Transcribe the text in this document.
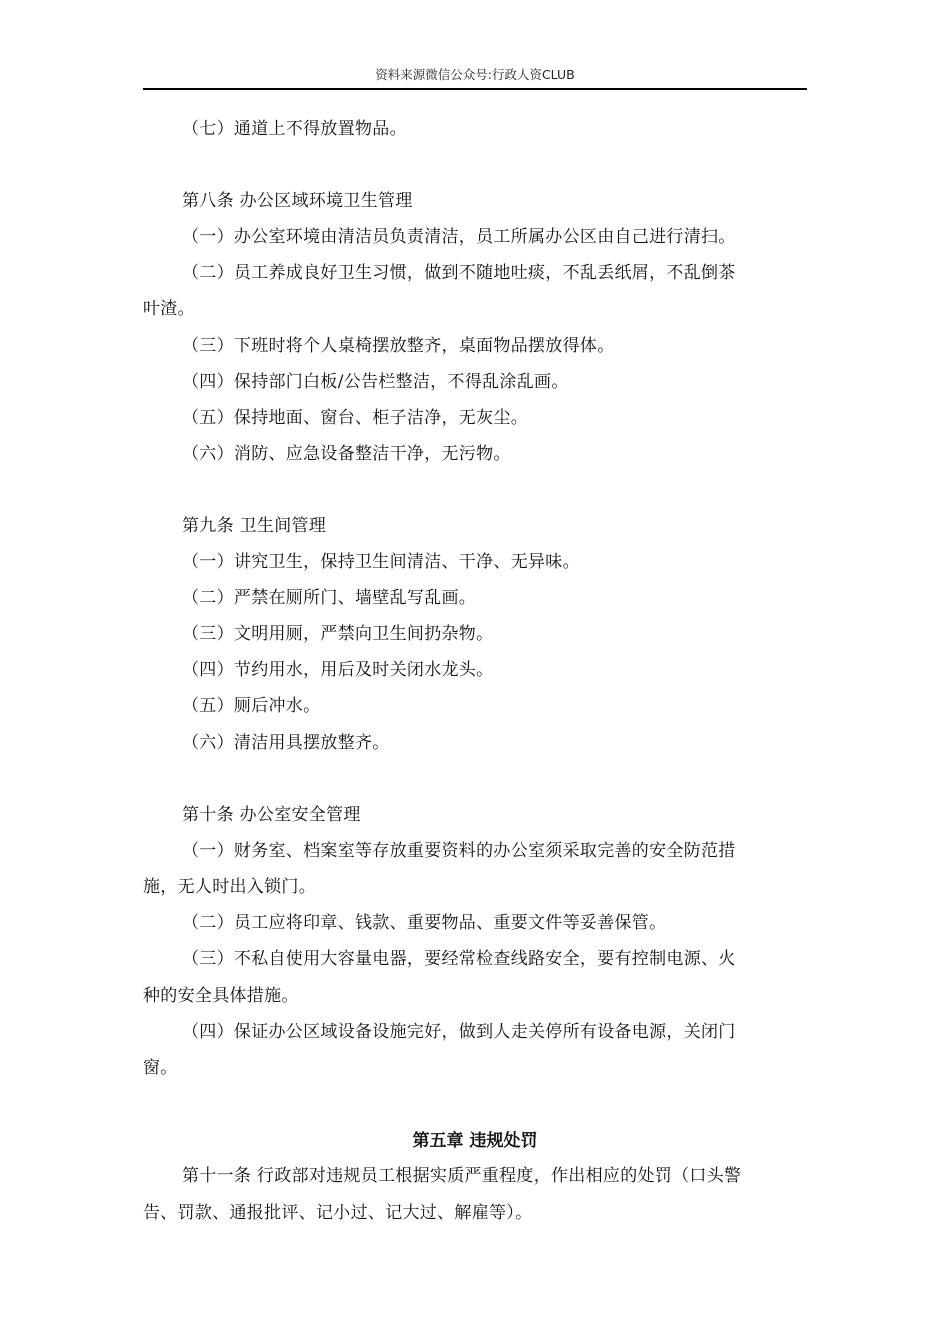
资料来源微信公众号:行政人资CLUB
（七）通道上不得放置物品。
第八条 办公区域环境卫生管理
（一）办公室环境由清洁员负责清洁，员工所属办公区由自己进行清扫。
（二）员工养成良好卫生习惯，做到不随地吐痰，不乱丢纸屑，不乱倒茶
叶渣。
（三）下班时将个人桌椅摆放整齐，桌面物品摆放得体。
（四）保持部门白板/公告栏整洁，不得乱涂乱画。
（五）保持地面、窗台、柜子洁净，无灰尘。
（六）消防、应急设备整洁干净，无污物。
第九条 卫生间管理
（一）讲究卫生，保持卫生间清洁、干净、无异味。
（二）严禁在厕所门、墙壁乱写乱画。
（三）文明用厕，严禁向卫生间扔杂物。
（四）节约用水，用后及时关闭水龙头。
（五）厕后冲水。
（六）清洁用具摆放整齐。
第十条 办公室安全管理
（一）财务室、档案室等存放重要资料的办公室须采取完善的安全防范措
施，无人时出入锁门。
（二）员工应将印章、钱款、重要物品、重要文件等妥善保管。
（三）不私自使用大容量电器，要经常检查线路安全，要有控制电源、火
种的安全具体措施。
（四）保证办公区域设备设施完好，做到人走关停所有设备电源，关闭门
窗。
第五章 违规处罚
第十一条 行政部对违规员工根据实质严重程度，作出相应的处罚（口头警
告、罚款、通报批评、记小过、记大过、解雇等）。
